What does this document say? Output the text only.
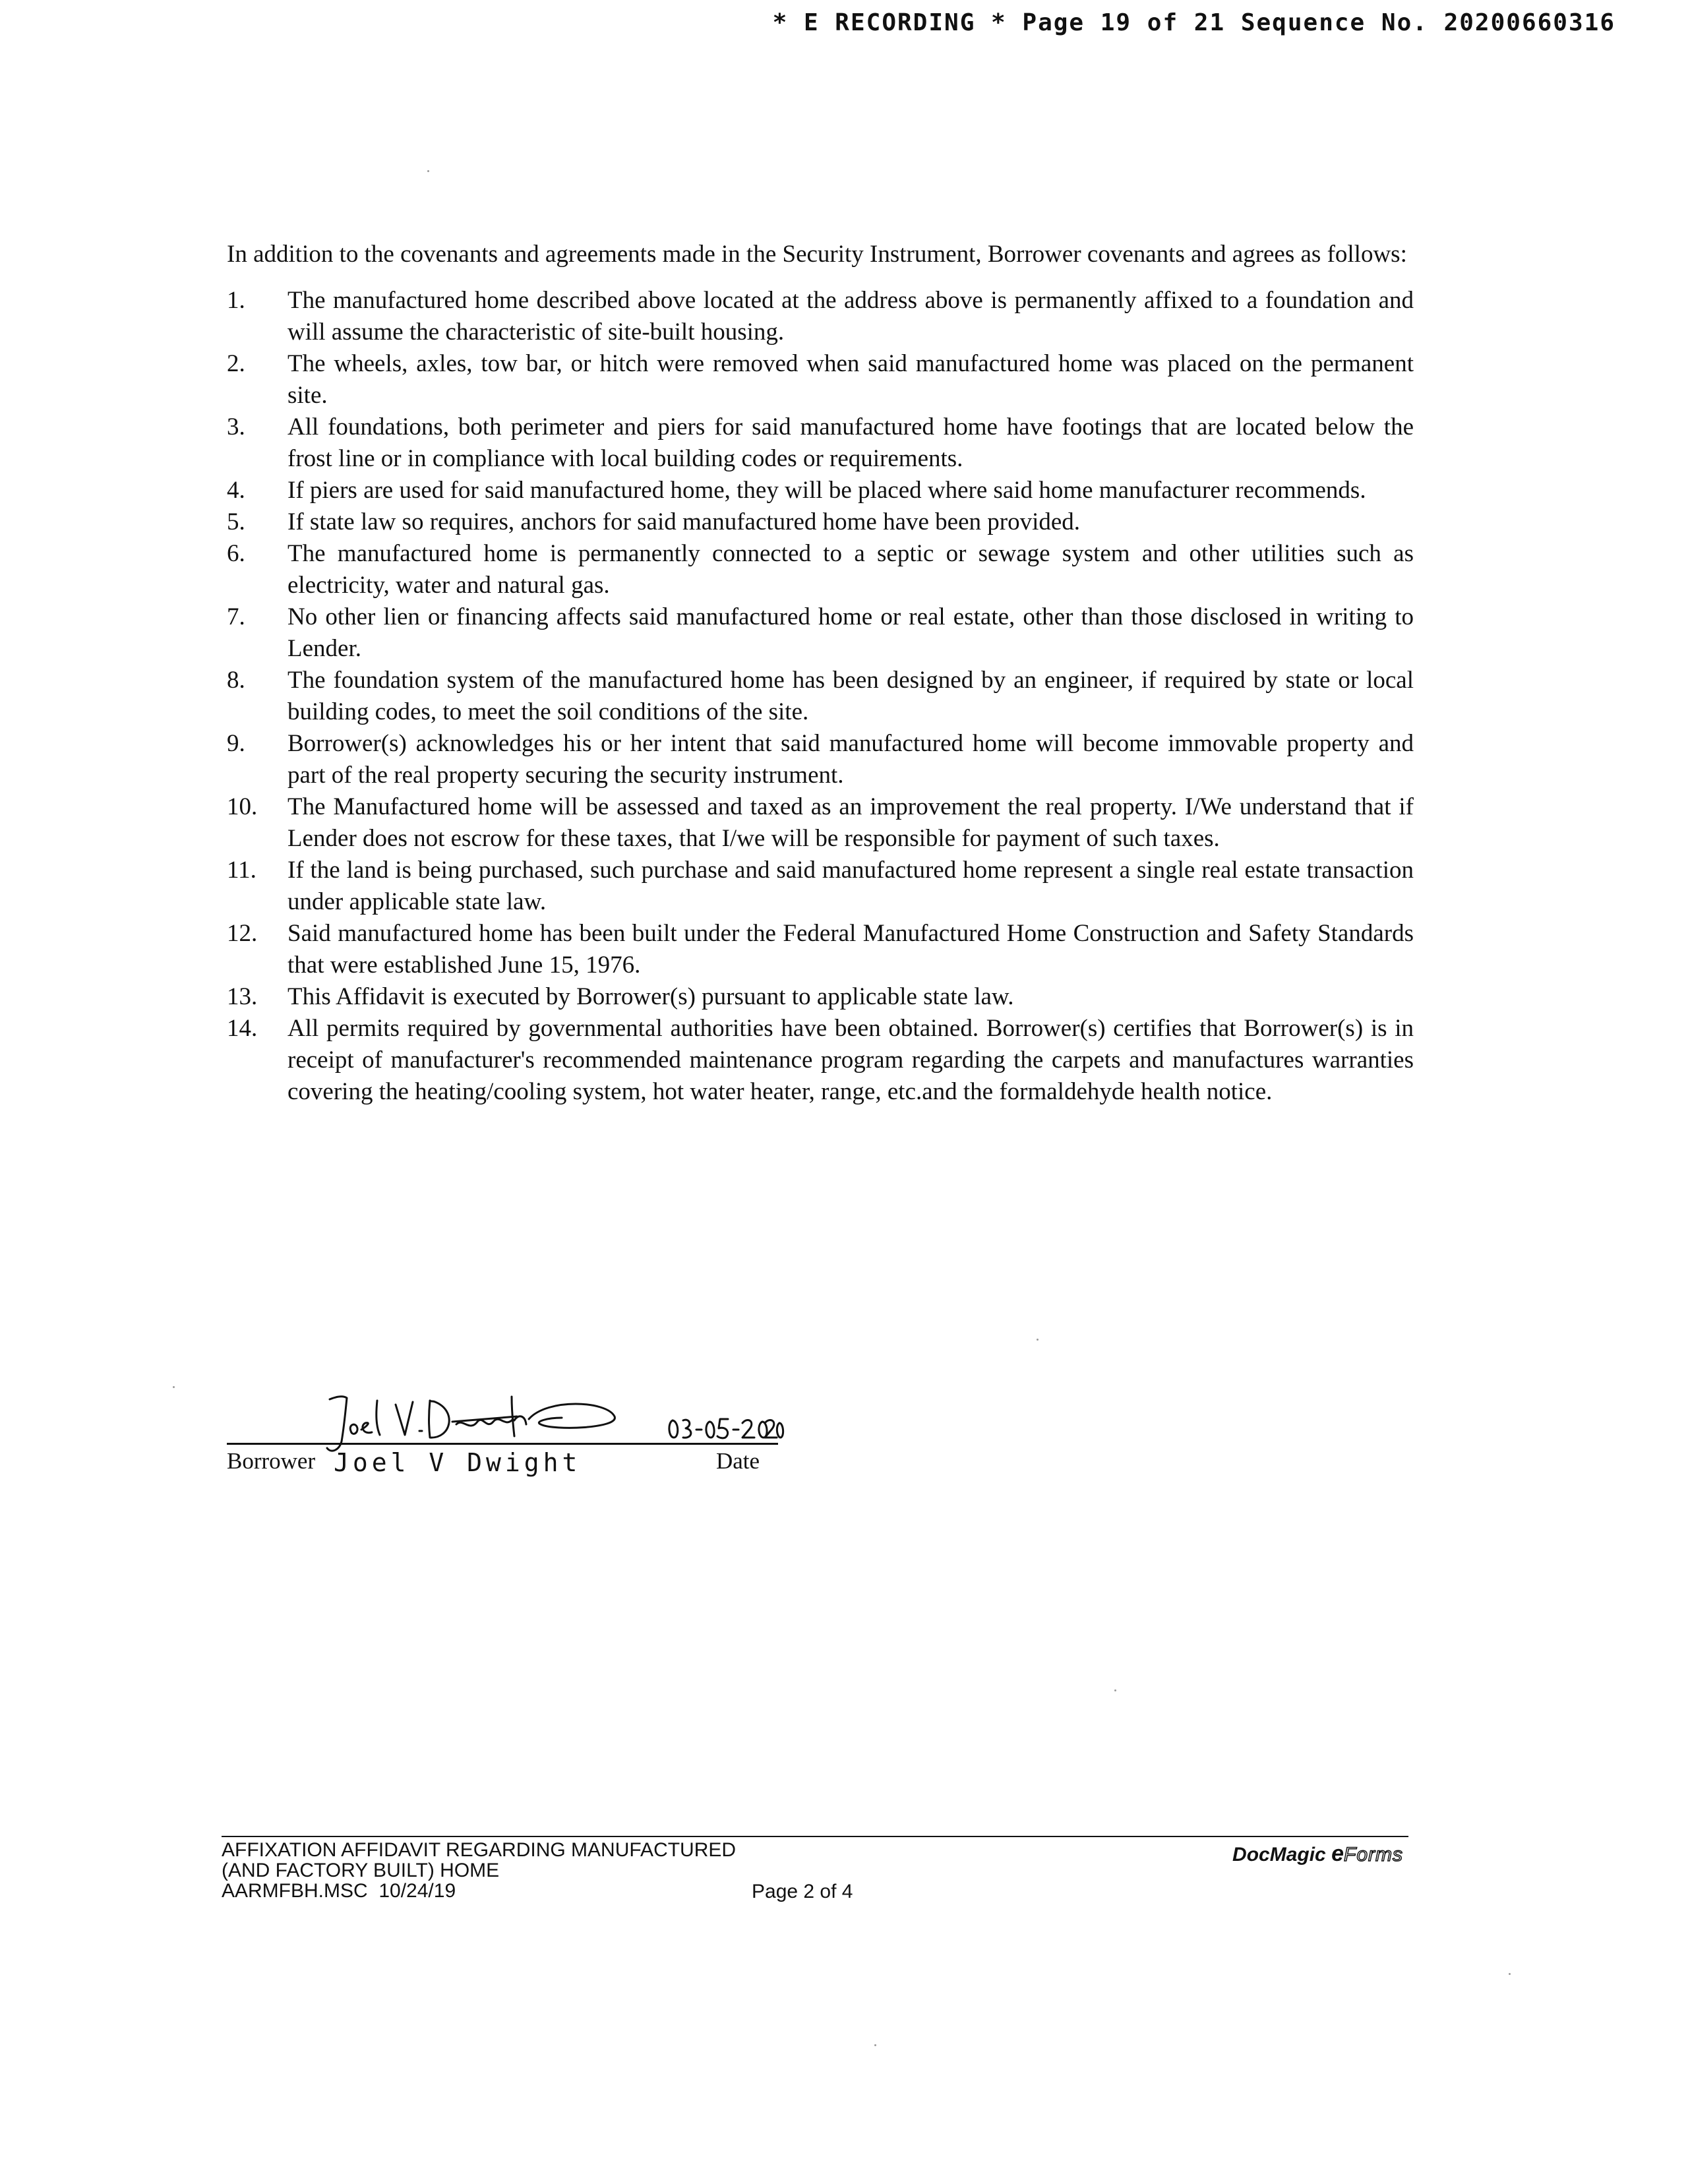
* E RECORDING * Page 19 of 21 Sequence No. 20200660316

In addition to the covenants and agreements made in the Security Instrument, Borrower covenants and agrees as follows:

1. The manufactured home described above located at the address above is permanently affixed to a foundation and will assume the characteristic of site-built housing.
2. The wheels, axles, tow bar, or hitch were removed when said manufactured home was placed on the permanent site.
3. All foundations, both perimeter and piers for said manufactured home have footings that are located below the frost line or in compliance with local building codes or requirements.
4. If piers are used for said manufactured home, they will be placed where said home manufacturer recommends.
5. If state law so requires, anchors for said manufactured home have been provided.
6. The manufactured home is permanently connected to a septic or sewage system and other utilities such as electricity, water and natural gas.
7. No other lien or financing affects said manufactured home or real estate, other than those disclosed in writing to Lender.
8. The foundation system of the manufactured home has been designed by an engineer, if required by state or local building codes, to meet the soil conditions of the site.
9. Borrower(s) acknowledges his or her intent that said manufactured home will become immovable property and part of the real property securing the security instrument.
10. The Manufactured home will be assessed and taxed as an improvement the real property. I/We understand that if Lender does not escrow for these taxes, that I/we will be responsible for payment of such taxes.
11. If the land is being purchased, such purchase and said manufactured home represent a single real estate transaction under applicable state law.
12. Said manufactured home has been built under the Federal Manufactured Home Construction and Safety Standards that were established June 15, 1976.
13. This Affidavit is executed by Borrower(s) pursuant to applicable state law.
14. All permits required by governmental authorities have been obtained. Borrower(s) certifies that Borrower(s) is in receipt of manufacturer's recommended maintenance program regarding the carpets and manufactures warranties covering the heating/cooling system, hot water heater, range, etc.and the formaldehyde health notice.
Borrower Joel V Dwight	Date
AFFIXATION AFFIDAVIT REGARDING MANUFACTURED
(AND FACTORY BUILT) HOME
AARMFBH.MSC  10/24/19	Page 2 of 4
DocMagic eForms
